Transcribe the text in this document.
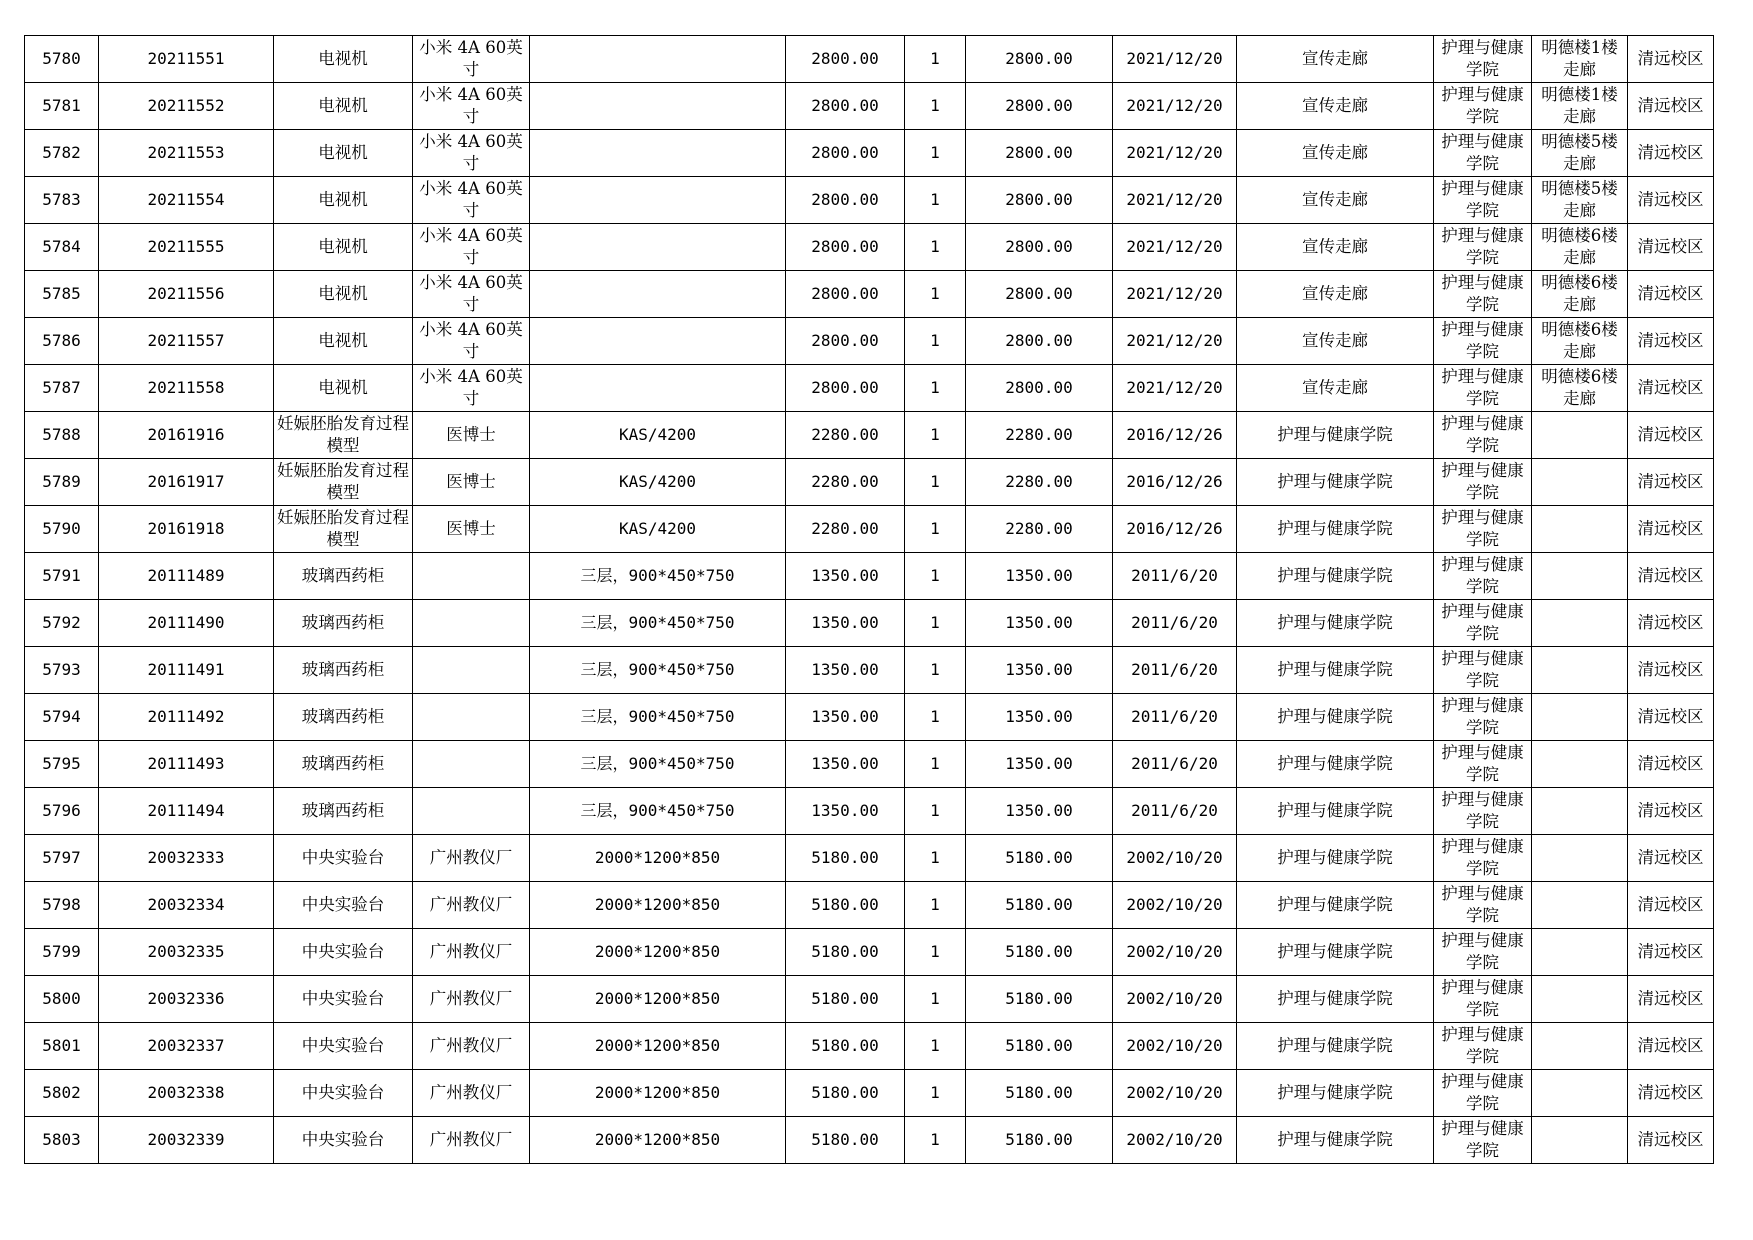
5780	20211551	电视机	小米 4A 60英寸		2800.00	1	2800.00	2021/12/20	宣传走廊	护理与健康学院	明德楼1楼走廊	清远校区
5781	20211552	电视机	小米 4A 60英寸		2800.00	1	2800.00	2021/12/20	宣传走廊	护理与健康学院	明德楼1楼走廊	清远校区
5782	20211553	电视机	小米 4A 60英寸		2800.00	1	2800.00	2021/12/20	宣传走廊	护理与健康学院	明德楼5楼走廊	清远校区
5783	20211554	电视机	小米 4A 60英寸		2800.00	1	2800.00	2021/12/20	宣传走廊	护理与健康学院	明德楼5楼走廊	清远校区
5784	20211555	电视机	小米 4A 60英寸		2800.00	1	2800.00	2021/12/20	宣传走廊	护理与健康学院	明德楼6楼走廊	清远校区
5785	20211556	电视机	小米 4A 60英寸		2800.00	1	2800.00	2021/12/20	宣传走廊	护理与健康学院	明德楼6楼走廊	清远校区
5786	20211557	电视机	小米 4A 60英寸		2800.00	1	2800.00	2021/12/20	宣传走廊	护理与健康学院	明德楼6楼走廊	清远校区
5787	20211558	电视机	小米 4A 60英寸		2800.00	1	2800.00	2021/12/20	宣传走廊	护理与健康学院	明德楼6楼走廊	清远校区
5788	20161916	妊娠胚胎发育过程模型	医博士	KAS/4200	2280.00	1	2280.00	2016/12/26	护理与健康学院	护理与健康学院		清远校区
5789	20161917	妊娠胚胎发育过程模型	医博士	KAS/4200	2280.00	1	2280.00	2016/12/26	护理与健康学院	护理与健康学院		清远校区
5790	20161918	妊娠胚胎发育过程模型	医博士	KAS/4200	2280.00	1	2280.00	2016/12/26	护理与健康学院	护理与健康学院		清远校区
5791	20111489	玻璃西药柜		三层，900*450*750	1350.00	1	1350.00	2011/6/20	护理与健康学院	护理与健康学院		清远校区
5792	20111490	玻璃西药柜		三层，900*450*750	1350.00	1	1350.00	2011/6/20	护理与健康学院	护理与健康学院		清远校区
5793	20111491	玻璃西药柜		三层，900*450*750	1350.00	1	1350.00	2011/6/20	护理与健康学院	护理与健康学院		清远校区
5794	20111492	玻璃西药柜		三层，900*450*750	1350.00	1	1350.00	2011/6/20	护理与健康学院	护理与健康学院		清远校区
5795	20111493	玻璃西药柜		三层，900*450*750	1350.00	1	1350.00	2011/6/20	护理与健康学院	护理与健康学院		清远校区
5796	20111494	玻璃西药柜		三层，900*450*750	1350.00	1	1350.00	2011/6/20	护理与健康学院	护理与健康学院		清远校区
5797	20032333	中央实验台	广州教仪厂	2000*1200*850	5180.00	1	5180.00	2002/10/20	护理与健康学院	护理与健康学院		清远校区
5798	20032334	中央实验台	广州教仪厂	2000*1200*850	5180.00	1	5180.00	2002/10/20	护理与健康学院	护理与健康学院		清远校区
5799	20032335	中央实验台	广州教仪厂	2000*1200*850	5180.00	1	5180.00	2002/10/20	护理与健康学院	护理与健康学院		清远校区
5800	20032336	中央实验台	广州教仪厂	2000*1200*850	5180.00	1	5180.00	2002/10/20	护理与健康学院	护理与健康学院		清远校区
5801	20032337	中央实验台	广州教仪厂	2000*1200*850	5180.00	1	5180.00	2002/10/20	护理与健康学院	护理与健康学院		清远校区
5802	20032338	中央实验台	广州教仪厂	2000*1200*850	5180.00	1	5180.00	2002/10/20	护理与健康学院	护理与健康学院		清远校区
5803	20032339	中央实验台	广州教仪厂	2000*1200*850	5180.00	1	5180.00	2002/10/20	护理与健康学院	护理与健康学院		清远校区
